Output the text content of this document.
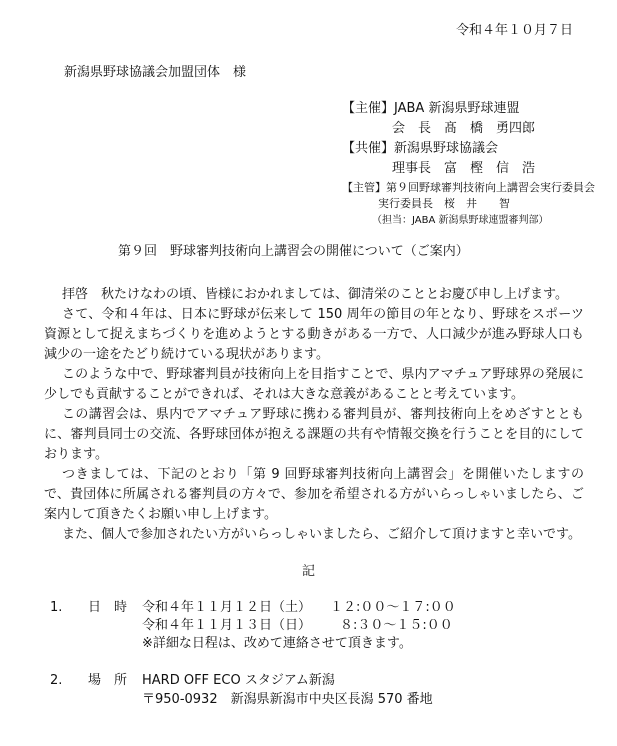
令和４年１０月７日
新潟県野球協議会加盟団体　様
【主催】JABA 新潟県野球連盟
会　長　髙　橋　勇四郎
【共催】新潟県野球協議会
理事長　富　樫　信　浩
【主管】第９回野球審判技術向上講習会実行委員会
実行委員長　桜　井　　智
（担当：JABA 新潟県野球連盟審判部）
第９回　野球審判技術向上講習会の開催について（ご案内）

拝啓　秋たけなわの頃、皆様におかれましては、御清栄のこととお慶び申し上げます。

さて、令和４年は、日本に野球が伝来して 150 周年の節目の年となり、野球をスポーツ資源として捉えまちづくりを進めようとする動きがある一方で、人口減少が進み野球人口も減少の一途をたどり続けている現状があります。

このような中で、野球審判員が技術向上を目指すことで、県内アマチュア野球界の発展に少しでも貢献することができれば、それは大きな意義があることと考えています。

この講習会は、県内でアマチュア野球に携わる審判員が、審判技術向上をめざすとともに、審判員同士の交流、各野球団体が抱える課題の共有や情報交換を行うことを目的にしております。

つきましては、下記のとおり「第 9 回野球審判技術向上講習会」を開催いたしますので、貴団体に所属される審判員の方々で、参加を希望される方がいらっしゃいましたら、ご案内して頂きたくお願い申し上げます。

また、個人で参加されたい方がいらっしゃいましたら、ご紹介して頂けますと幸いです。

記
1. 日　時 令和４年１１月１２日（土） １２:００～１７:００
令和４年１１月１３日（日） ８:３０～１５:００
※詳細な日程は、改めて連絡させて頂きます。
2. 場　所 HARD OFF ECO スタジアム新潟
〒950-0932　新潟県新潟市中央区長潟 570 番地
